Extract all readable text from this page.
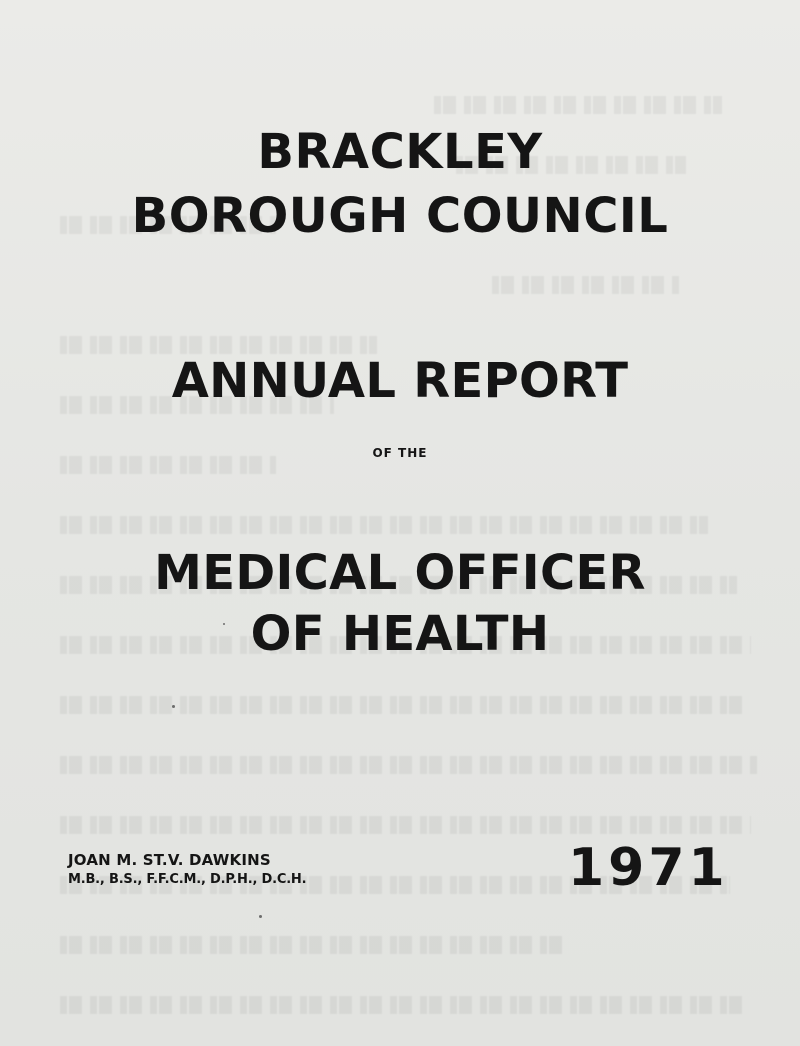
BRACKLEY
BOROUGH COUNCIL
ANNUAL REPORT
OF THE
MEDICAL OFFICER
OF HEALTH
JOAN M. ST.V. DAWKINS
M.B., B.S., F.F.C.M., D.P.H., D.C.H.	1971
